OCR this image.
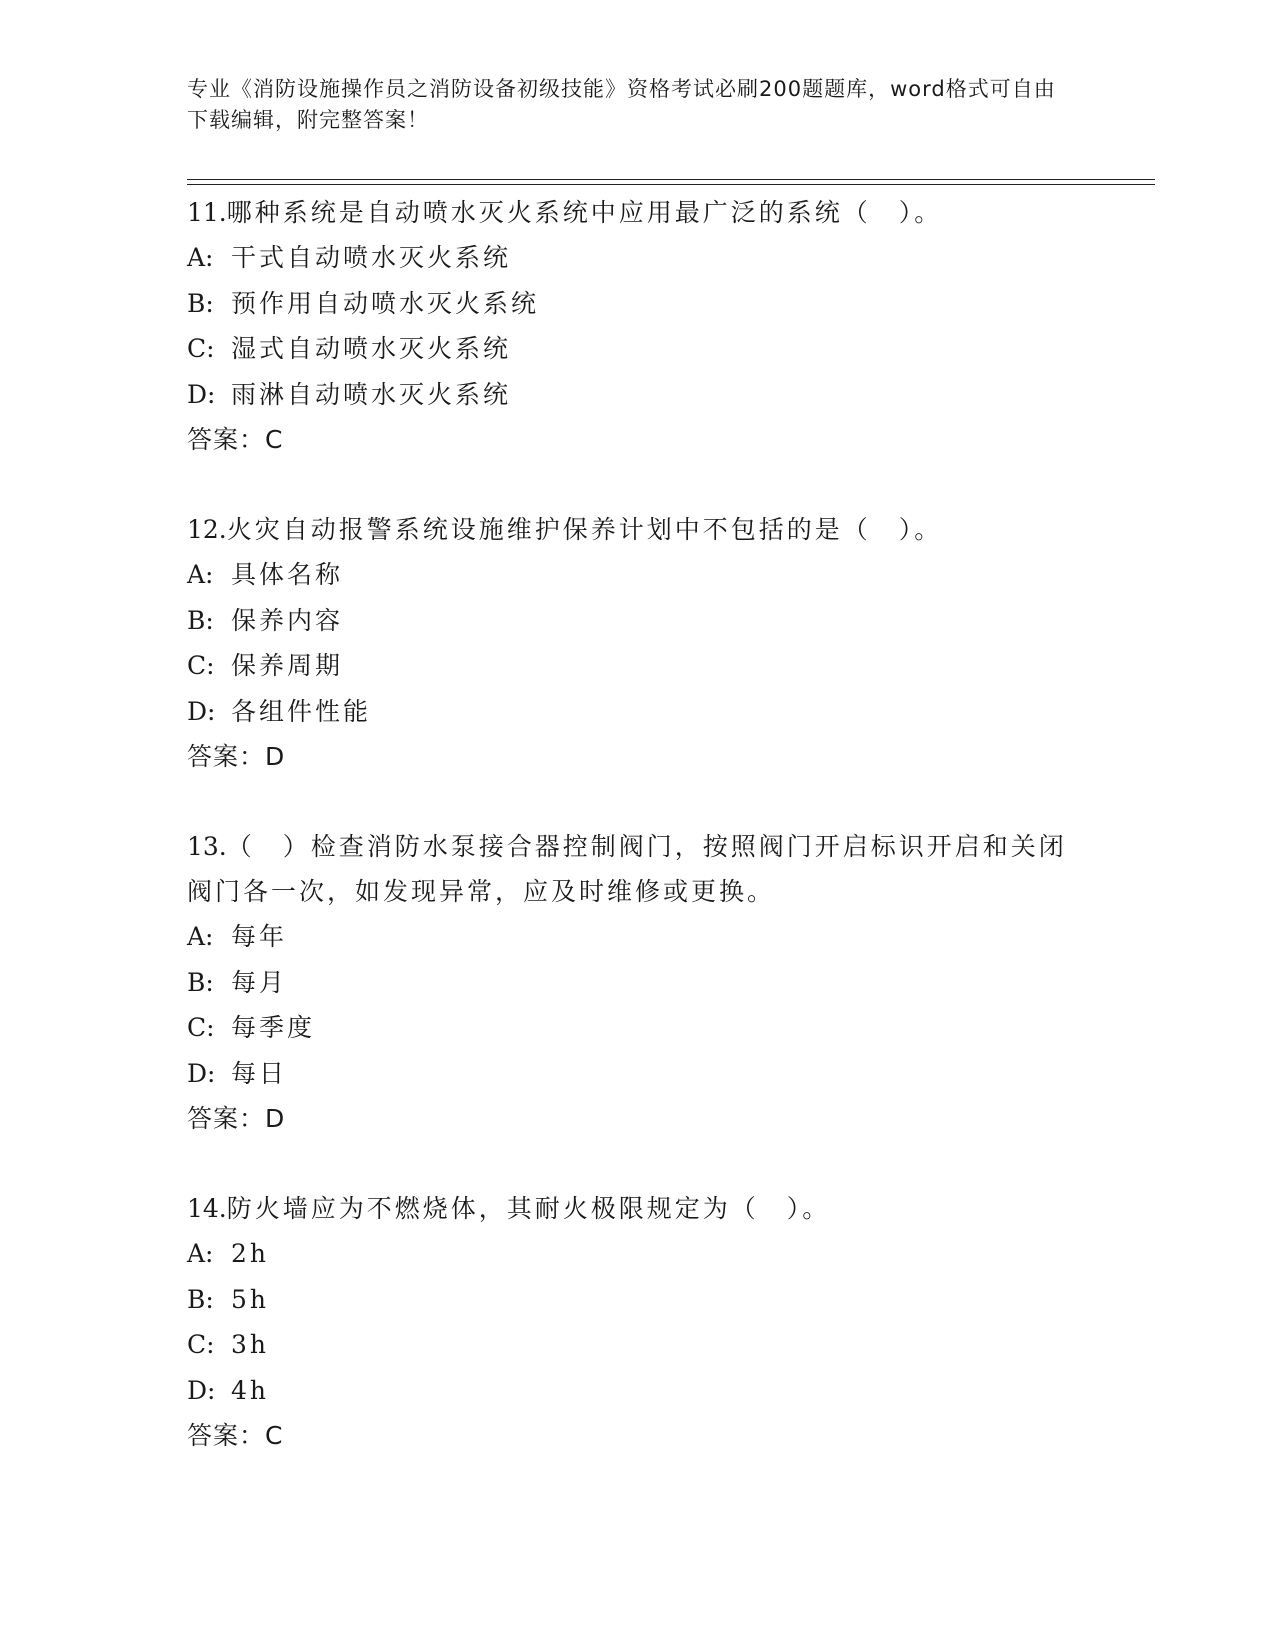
专业《消防设施操作员之消防设备初级技能》资格考试必刷200题题库，word格式可自由下载编辑，附完整答案！

11.哪种系统是自动喷水灭火系统中应用最广泛的系统（　）。

A: 干式自动喷水灭火系统
B: 预作用自动喷水灭火系统
C: 湿式自动喷水灭火系统
D: 雨淋自动喷水灭火系统
答案：C

12.火灾自动报警系统设施维护保养计划中不包括的是（　）。

A: 具体名称
B: 保养内容
C: 保养周期
D: 各组件性能
答案：D

13.（　）检查消防水泵接合器控制阀门，按照阀门开启标识开启和关闭阀门各一次，如发现异常，应及时维修或更换。

A: 每年
B: 每月
C: 每季度
D: 每日
答案：D

14.防火墙应为不燃烧体，其耐火极限规定为（　）。

A: 2h
B: 5h
C: 3h
D: 4h
答案：C
